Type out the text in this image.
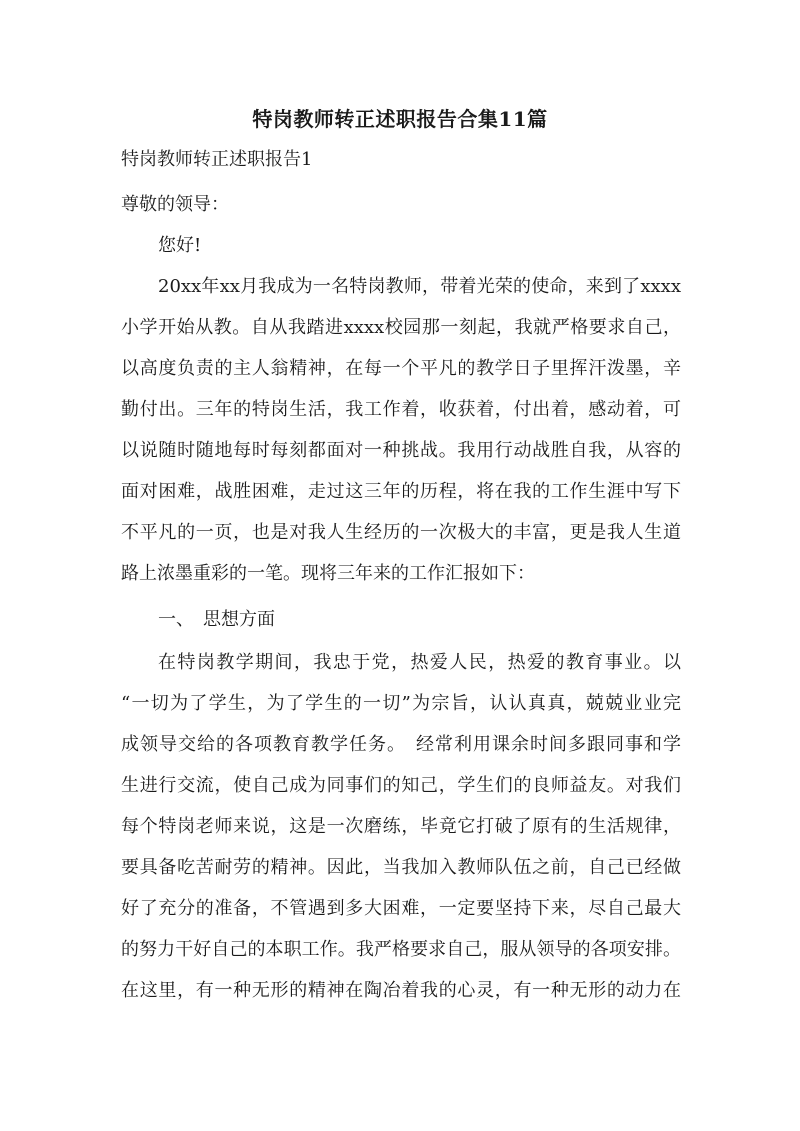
特岗教师转正述职报告合集11篇
特岗教师转正述职报告1
尊敬的领导：
您好!
20xx年xx月我成为一名特岗教师，带着光荣的使命，来到了xxxx
小学开始从教。自从我踏进xxxx校园那一刻起，我就严格要求自己，
以高度负责的主人翁精神，在每一个平凡的教学日子里挥汗泼墨，辛
勤付出。三年的特岗生活，我工作着，收获着，付出着，感动着，可
以说随时随地每时每刻都面对一种挑战。我用行动战胜自我，从容的
面对困难，战胜困难，走过这三年的历程，将在我的工作生涯中写下
不平凡的一页，也是对我人生经历的一次极大的丰富，更是我人生道
路上浓墨重彩的一笔。现将三年来的工作汇报如下：
一、　思想方面
在特岗教学期间，我忠于党，热爱人民，热爱的教育事业。以
“一切为了学生，为了学生的一切”为宗旨，认认真真，兢兢业业完
成领导交给的各项教育教学任务。　经常利用课余时间多跟同事和学
生进行交流，使自己成为同事们的知己，学生们的良师益友。对我们
每个特岗老师来说，这是一次磨练，毕竟它打破了原有的生活规律，
要具备吃苦耐劳的精神。因此，当我加入教师队伍之前，自己已经做
好了充分的准备，不管遇到多大困难，一定要坚持下来，尽自己最大
的努力干好自己的本职工作。我严格要求自己，服从领导的各项安排。
在这里，有一种无形的精神在陶冶着我的心灵，有一种无形的动力在
